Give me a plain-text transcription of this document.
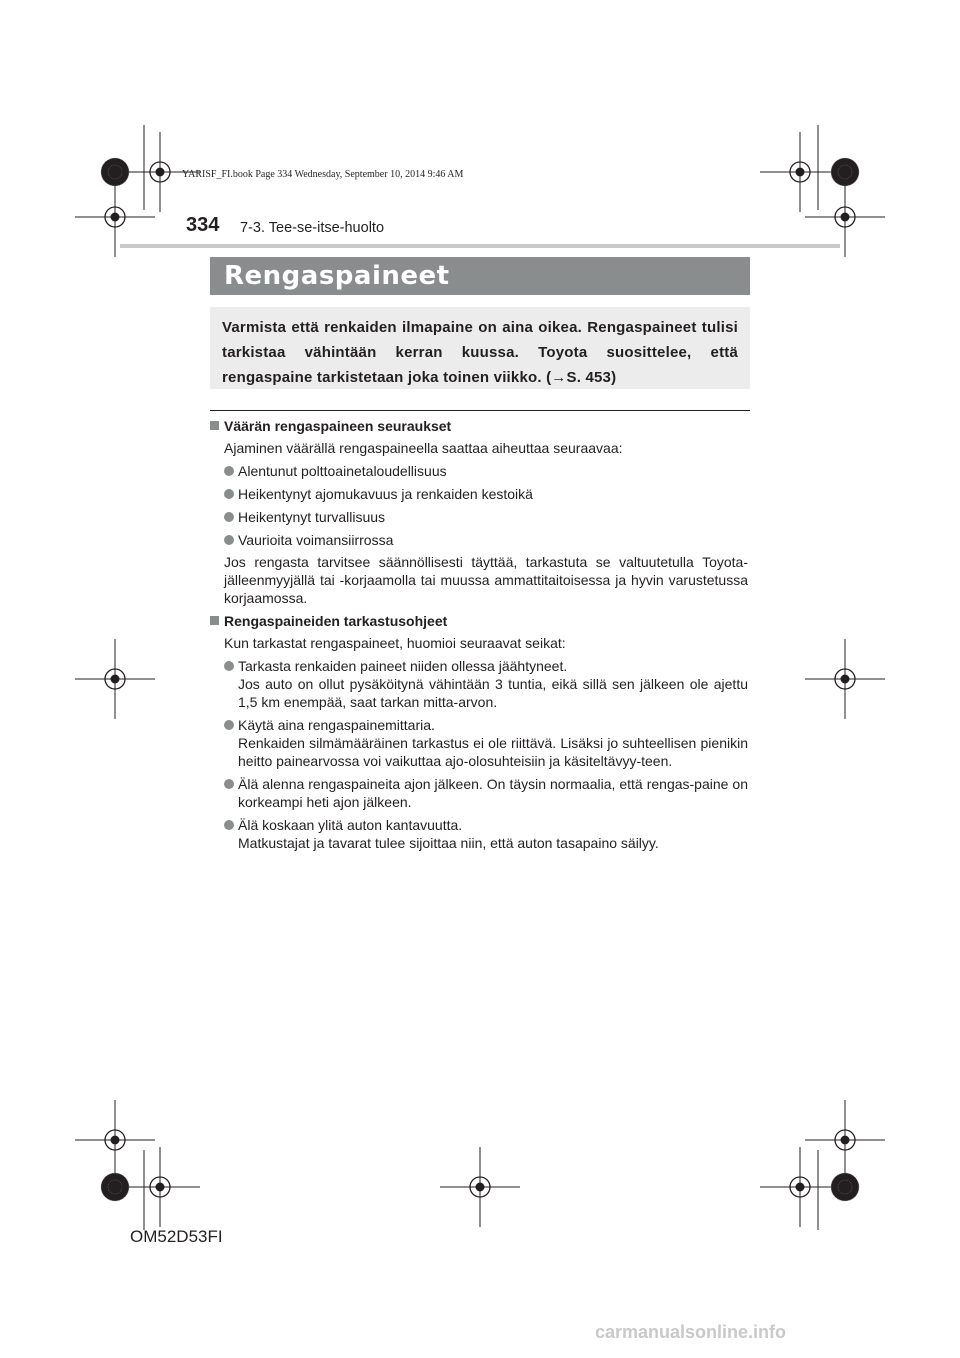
YARISF_FI.book Page 334 Wednesday, September 10, 2014 9:46 AM
334 7-3. Tee-se-itse-huolto
Rengaspaineet
Varmista että renkaiden ilmapaine on aina oikea. Rengaspaineet tulisi tarkistaa vähintään kerran kuussa. Toyota suosittelee, että rengaspaine tarkistetaan joka toinen viikko. (→S. 453)
Väärän rengaspaineen seuraukset
Ajaminen väärällä rengaspaineella saattaa aiheuttaa seuraavaa:
Alentunut polttoainetaloudellisuus
Heikentynyt ajomukavuus ja renkaiden kestoikä
Heikentynyt turvallisuus
Vaurioita voimansiirrossa
Jos rengasta tarvitsee säännöllisesti täyttää, tarkastuta se valtuutetulla Toyota-jälleenmyyjällä tai -korjaamolla tai muussa ammattitaitoisessa ja hyvin varustetussa korjaamossa.
Rengaspaineiden tarkastusohjeet
Kun tarkastat rengaspaineet, huomioi seuraavat seikat:
Tarkasta renkaiden paineet niiden ollessa jäähtyneet.
Jos auto on ollut pysäköitynä vähintään 3 tuntia, eikä sillä sen jälkeen ole ajettu 1,5 km enempää, saat tarkan mitta-arvon.
Käytä aina rengaspainemittaria.
Renkaiden silmämääräinen tarkastus ei ole riittävä. Lisäksi jo suhteellisen pienikin heitto painearvossa voi vaikuttaa ajo-olosuhteisiin ja käsiteltävyy-teen.
Älä alenna rengaspaineita ajon jälkeen. On täysin normaalia, että rengas-paine on korkeampi heti ajon jälkeen.
Älä koskaan ylitä auton kantavuutta.
Matkustajat ja tavarat tulee sijoittaa niin, että auton tasapaino säilyy.
OM52D53FI
carmanualsonline.info
